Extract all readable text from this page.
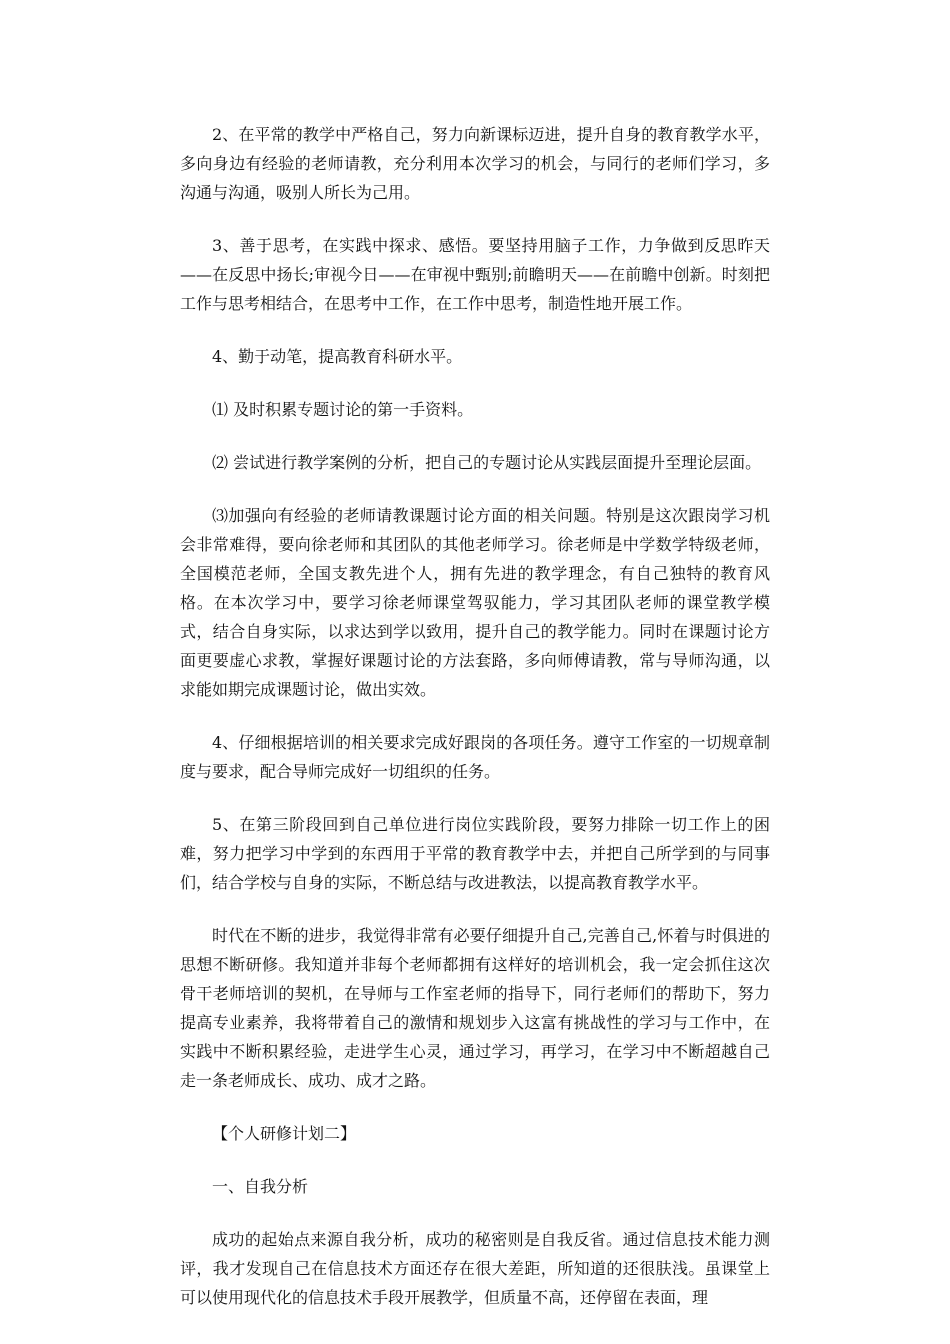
2、在平常的教学中严格自己，努力向新课标迈进，提升自身的教育教学水平，多向身边有经验的老师请教，充分利用本次学习的机会，与同行的老师们学习，多沟通与沟通，吸别人所长为己用。

3、善于思考，在实践中探求、感悟。要坚持用脑子工作，力争做到反思昨天——在反思中扬长;审视今日——在审视中甄别;前瞻明天——在前瞻中创新。时刻把工作与思考相结合，在思考中工作，在工作中思考，制造性地开展工作。

4、勤于动笔，提高教育科研水平。

⑴ 及时积累专题讨论的第一手资料。

⑵ 尝试进行教学案例的分析，把自己的专题讨论从实践层面提升至理论层面。

⑶加强向有经验的老师请教课题讨论方面的相关问题。特别是这次跟岗学习机会非常难得，要向徐老师和其团队的其他老师学习。徐老师是中学数学特级老师，全国模范老师，全国支教先进个人，拥有先进的教学理念，有自己独特的教育风格。在本次学习中，要学习徐老师课堂驾驭能力，学习其团队老师的课堂教学模式，结合自身实际，以求达到学以致用，提升自己的教学能力。同时在课题讨论方面更要虚心求教，掌握好课题讨论的方法套路，多向师傅请教，常与导师沟通，以求能如期完成课题讨论，做出实效。

4、仔细根据培训的相关要求完成好跟岗的各项任务。遵守工作室的一切规章制度与要求，配合导师完成好一切组织的任务。

5、在第三阶段回到自己单位进行岗位实践阶段，要努力排除一切工作上的困难，努力把学习中学到的东西用于平常的教育教学中去，并把自己所学到的与同事们，结合学校与自身的实际，不断总结与改进教法，以提高教育教学水平。

时代在不断的进步，我觉得非常有必要仔细提升自己,完善自己,怀着与时俱进的思想不断研修。我知道并非每个老师都拥有这样好的培训机会，我一定会抓住这次骨干老师培训的契机，在导师与工作室老师的指导下，同行老师们的帮助下，努力提高专业素养，我将带着自己的激情和规划步入这富有挑战性的学习与工作中，在实践中不断积累经验，走进学生心灵，通过学习，再学习，在学习中不断超越自己走一条老师成长、成功、成才之路。

【个人研修计划二】

一、自我分析

成功的起始点来源自我分析，成功的秘密则是自我反省。通过信息技术能力测评，我才发现自己在信息技术方面还存在很大差距，所知道的还很肤浅。虽课堂上可以使用现代化的信息技术手段开展教学，但质量不高，还停留在表面，理
